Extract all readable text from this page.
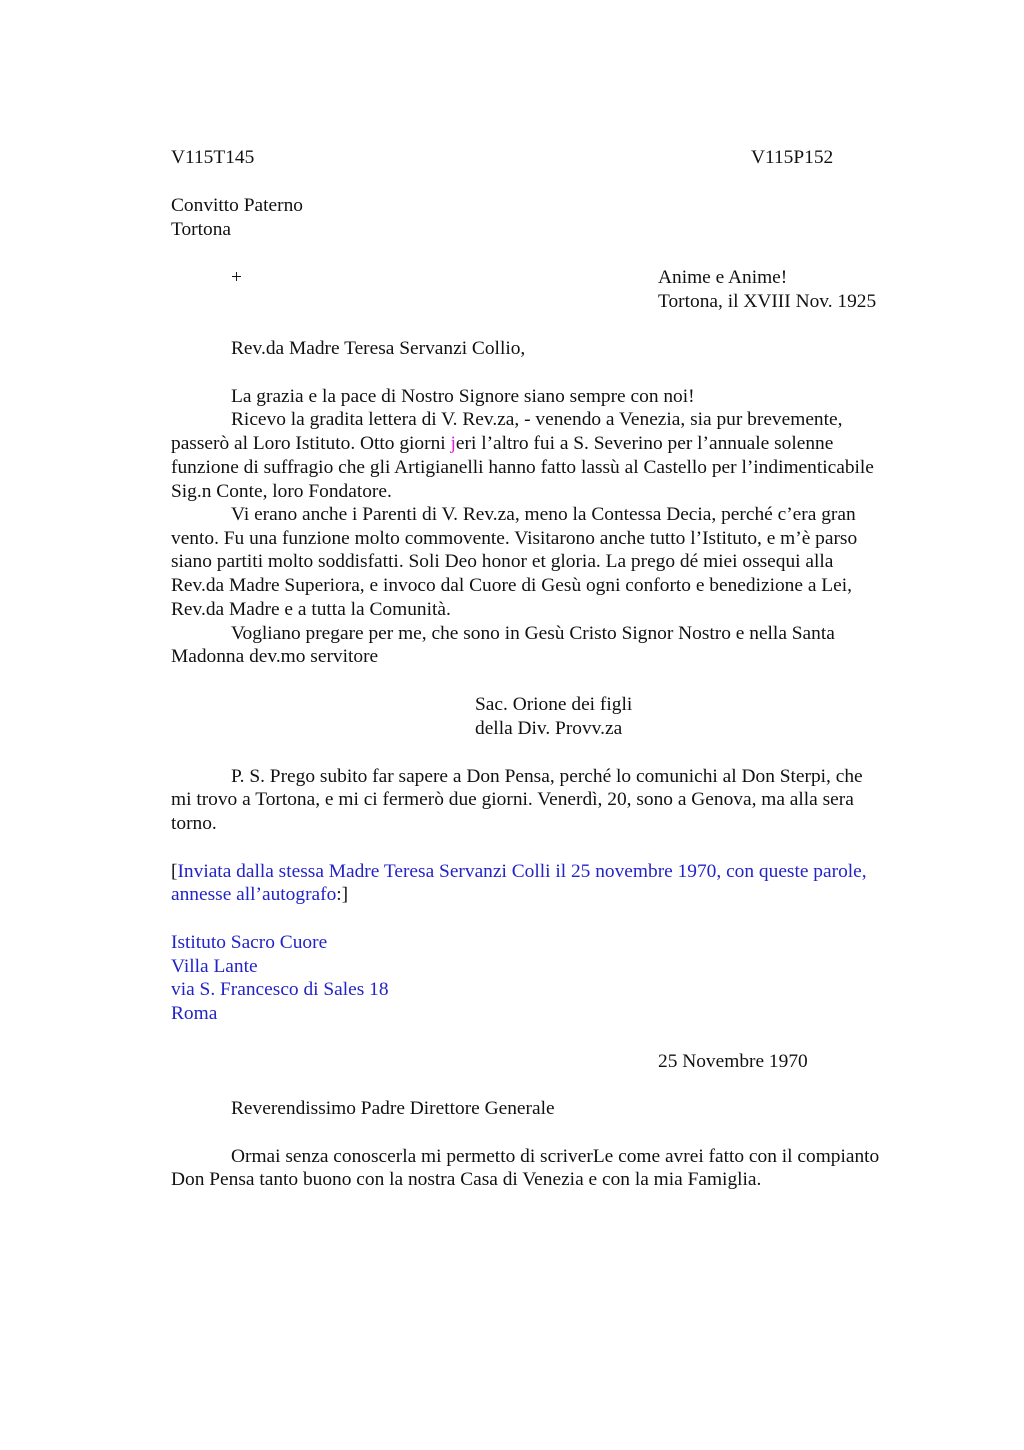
V115T145	V115P152
Convitto Paterno
Tortona
+	Anime e Anime!
Tortona, il XVIII Nov. 1925
Rev.da Madre Teresa Servanzi Collio,
La grazia e la pace di Nostro Signore siano sempre con noi!
Ricevo la gradita lettera di V. Rev.za, - venendo a Venezia, sia pur brevemente,
passerò al Loro Istituto. Otto giorni jeri l’altro fui a S. Severino per l’annuale solenne
funzione di suffragio che gli Artigianelli hanno fatto lassù al Castello per l’indimenticabile
Sig.n Conte, loro Fondatore.
Vi erano anche i Parenti di V. Rev.za, meno la Contessa Decia, perché c’era gran
vento. Fu una funzione molto commovente. Visitarono anche tutto l’Istituto, e m’è parso
siano partiti molto soddisfatti. Soli Deo honor et gloria. La prego dé miei ossequi alla
Rev.da Madre Superiora, e invoco dal Cuore di Gesù ogni conforto e benedizione a Lei,
Rev.da Madre e a tutta la Comunità.
Vogliano pregare per me, che sono in Gesù Cristo Signor Nostro e nella Santa
Madonna dev.mo servitore
Sac. Orione dei figli
della Div. Provv.za
P. S. Prego subito far sapere a Don Pensa, perché lo comunichi al Don Sterpi, che
mi trovo a Tortona, e mi ci fermerò due giorni. Venerdì, 20, sono a Genova, ma alla sera
torno.
[Inviata dalla stessa Madre Teresa Servanzi Colli il 25 novembre 1970, con queste parole,
annesse all’autografo:]
Istituto Sacro Cuore
Villa Lante
via S. Francesco di Sales 18
Roma
25 Novembre 1970
Reverendissimo Padre Direttore Generale
Ormai senza conoscerla mi permetto di scriverLe come avrei fatto con il compianto
Don Pensa tanto buono con la nostra Casa di Venezia e con la mia Famiglia.
